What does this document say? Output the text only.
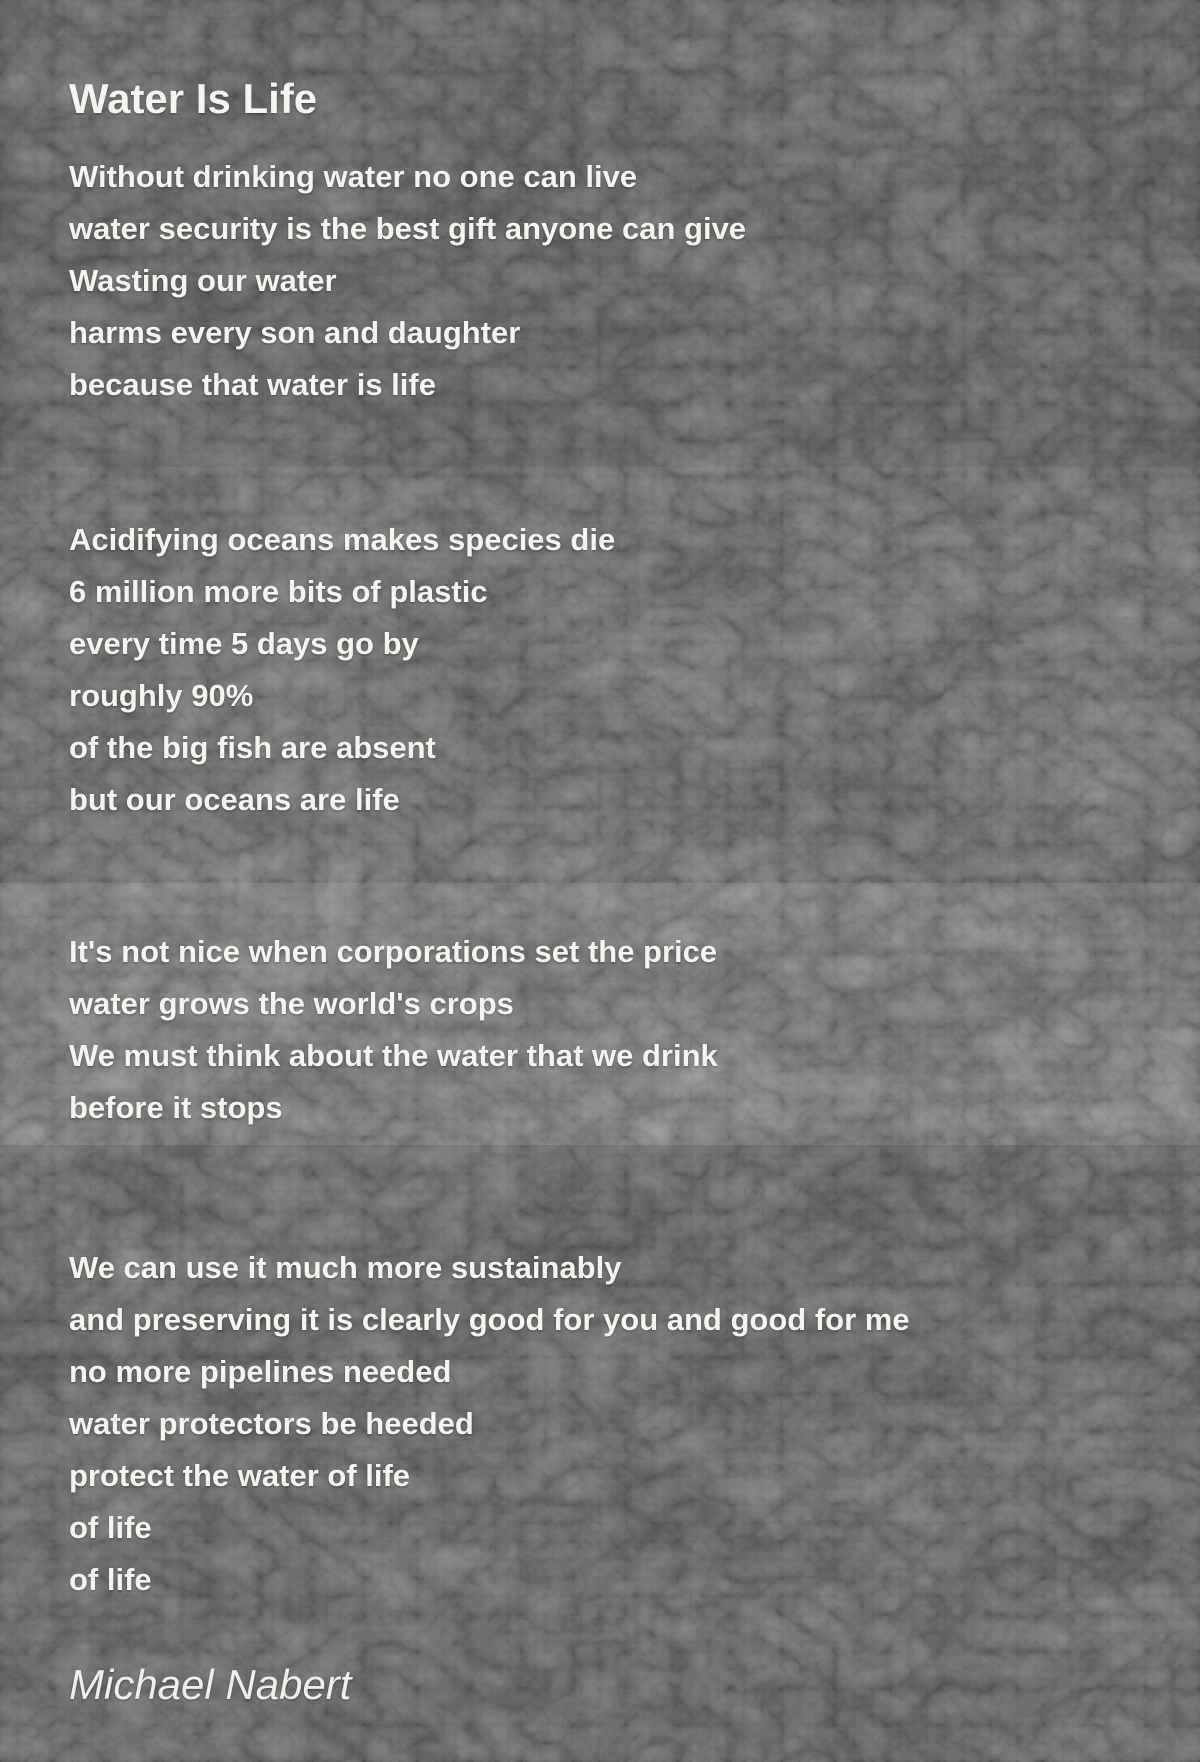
Water Is Life
Without drinking water no one can live
water security is the best gift anyone can give
Wasting our water
harms every son and daughter
because that water is life
Acidifying oceans makes species die
6 million more bits of plastic
every time 5 days go by
roughly 90%
of the big fish are absent
but our oceans are life
It's not nice when corporations set the price
water grows the world's crops
We must think about the water that we drink
before it stops
We can use it much more sustainably
and preserving it is clearly good for you and good for me
no more pipelines needed
water protectors be heeded
protect the water of life
of life
of life
Michael Nabert
